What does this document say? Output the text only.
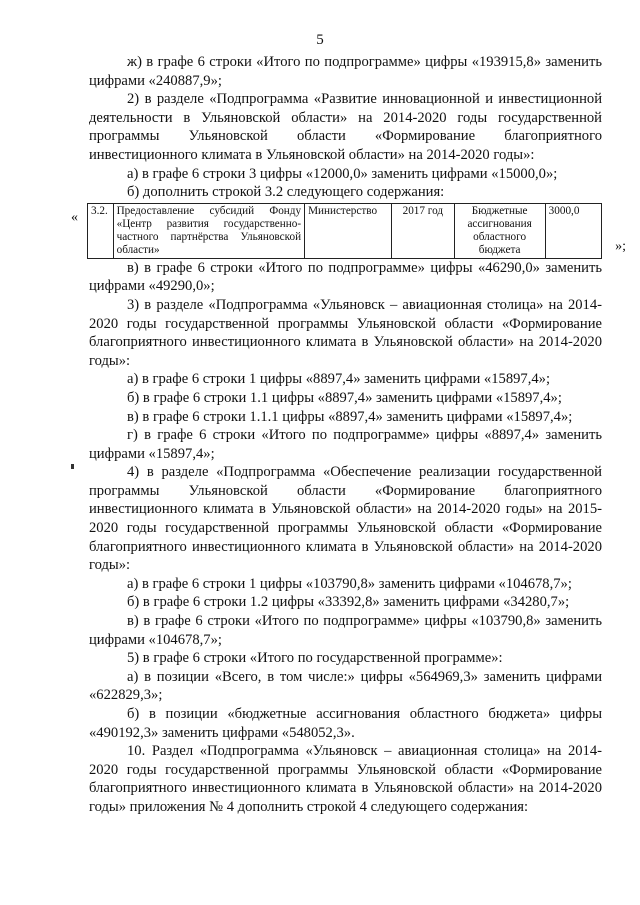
5

ж) в графе 6 строки «Итого по подпрограмме» цифры «193915,8» заменить цифрами «240887,9»;

2) в разделе «Подпрограмма «Развитие инновационной и инвестиционной деятельности в Ульяновской области» на 2014-2020 годы государственной программы Ульяновской области «Формирование благоприятного инвестиционного климата в Ульяновской области» на 2014-2020 годы»:

а) в графе 6 строки 3 цифры «12000,0» заменить цифрами «15000,0»;

б) дополнить строкой 3.2 следующего содержания:

« 3.2.	Предоставление субсидий Фонду «Центр развития государственно-частного партнёрства Ульяновской области»	Министерство	2017 год	Бюджетные ассигнования областного бюджета	3000,0
»;

в) в графе 6 строки «Итого по подпрограмме» цифры «46290,0» заменить цифрами «49290,0»;

3) в разделе «Подпрограмма «Ульяновск – авиационная столица» на 2014-2020 годы государственной программы Ульяновской области «Формирование благоприятного инвестиционного климата в Ульяновской области» на 2014-2020 годы»:

а) в графе 6 строки 1 цифры «8897,4» заменить цифрами «15897,4»;

б) в графе 6 строки 1.1 цифры «8897,4» заменить цифрами «15897,4»;

в) в графе 6 строки 1.1.1 цифры «8897,4» заменить цифрами «15897,4»;

г) в графе 6 строки «Итого по подпрограмме» цифры «8897,4» заменить цифрами «15897,4»;

4) в разделе «Подпрограмма «Обеспечение реализации государственной программы Ульяновской области «Формирование благоприятного инвестиционного климата в Ульяновской области» на 2014-2020 годы» на 2015-2020 годы государственной программы Ульяновской области «Формирование благоприятного инвестиционного климата в Ульяновской области» на 2014-2020 годы»:

а) в графе 6 строки 1 цифры «103790,8» заменить цифрами «104678,7»;

б) в графе 6 строки 1.2 цифры «33392,8» заменить цифрами «34280,7»;

в) в графе 6 строки «Итого по подпрограмме» цифры «103790,8» заменить цифрами «104678,7»;

5) в графе 6 строки «Итого по государственной программе»:

а) в позиции «Всего, в том числе:» цифры «564969,3» заменить цифрами «622829,3»;

б) в позиции «бюджетные ассигнования областного бюджета» цифры «490192,3» заменить цифрами «548052,3».

10. Раздел «Подпрограмма «Ульяновск – авиационная столица» на 2014-2020 годы государственной программы Ульяновской области «Формирование благоприятного инвестиционного климата в Ульяновской области» на 2014-2020 годы» приложения № 4 дополнить строкой 4 следующего содержания:
